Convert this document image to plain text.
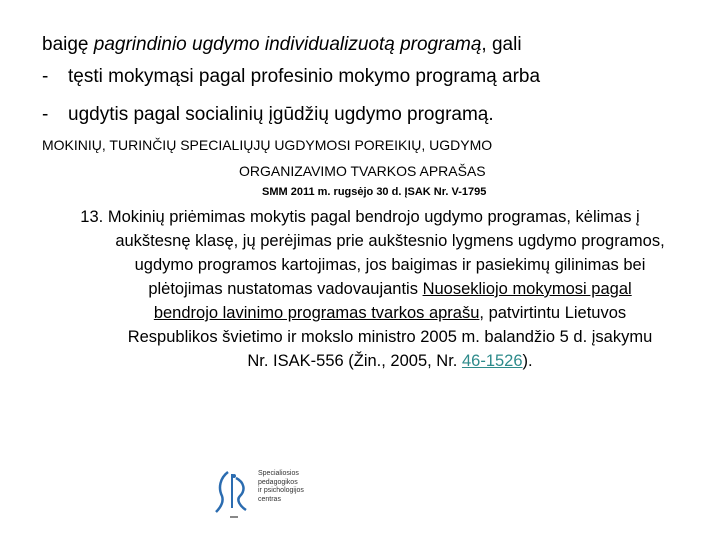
baigę pagrindinio ugdymo individualizuotą programą, gali
- tęsti mokymąsi pagal profesinio mokymo programą arba
- ugdytis pagal socialinių įgūdžių ugdymo programą.
MOKINIŲ, TURINČIŲ SPECIALIŲJŲ UGDYMOSI POREIKIŲ, UGDYMO
ORGANIZAVIMO TVARKOS APRAŠAS
SMM 2011 m. rugsėjo 30 d. ĮSAK Nr. V-1795
13. Mokinių priėmimas mokytis pagal bendrojo ugdymo programas, kėlimas į
aukštesnę klasę, jų perėjimas prie aukštesnio lygmens ugdymo programos,
ugdymo programos kartojimas, jos baigimas ir pasiekimų gilinimas bei
plėtojimas nustatomas vadovaujantis Nuosekliojo mokymosi pagal
bendrojo lavinimo programas tvarkos aprašu, patvirtintu Lietuvos
Respublikos švietimo ir mokslo ministro 2005 m. balandžio 5 d. įsakymu
Nr. ISAK-556 (Žin., 2005, Nr. 46-1526).
Specialiosios
pedagogikos
ir psichologijos
centras
